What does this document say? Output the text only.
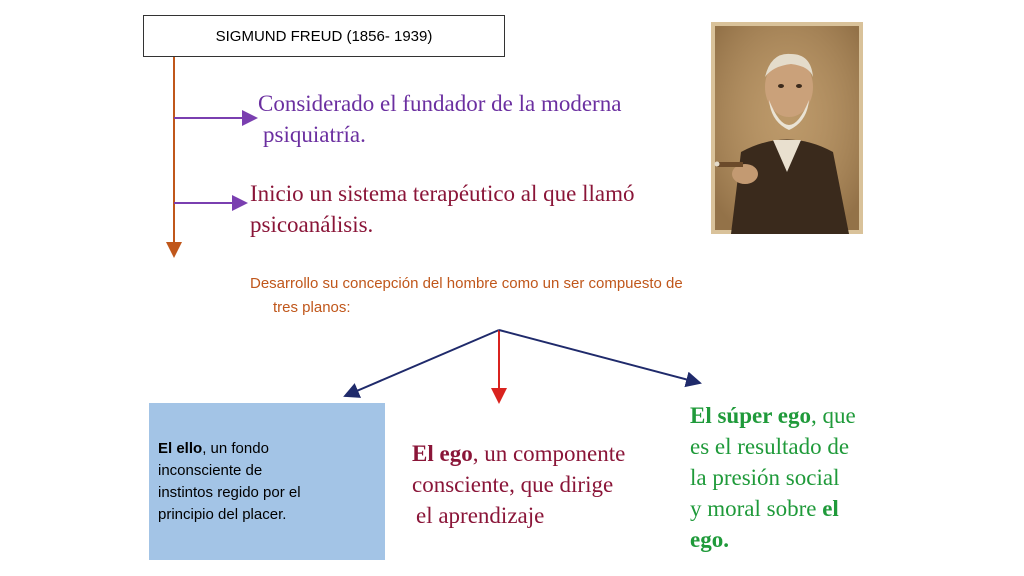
SIGMUND FREUD (1856- 1939)
Considerado el fundador de la moderna
psiquiatría.
Inicio un sistema terapéutico al que llamó
psicoanálisis.
Desarrollo su concepción del hombre como un ser compuesto de
tres planos:
El ello, un fondo
inconsciente de
instintos regido por el
principio del placer.
El ego, un componente
consciente, que dirige
el aprendizaje
El súper ego, que
es el resultado de
la presión social
y moral sobre el
ego.
